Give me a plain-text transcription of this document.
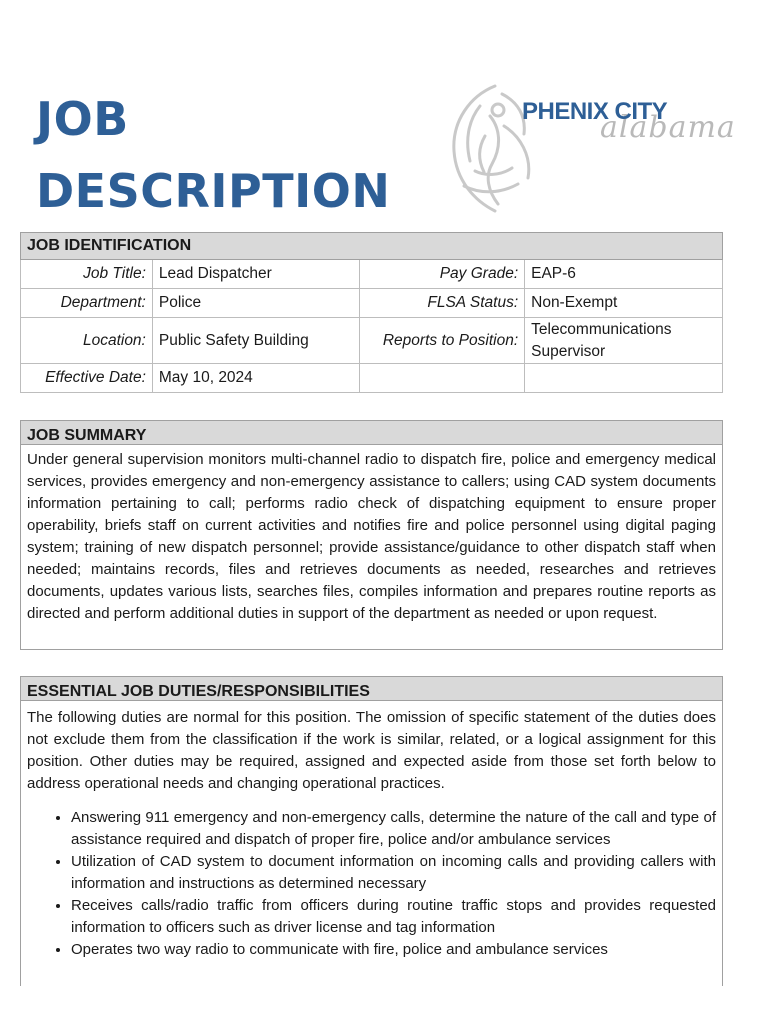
JOB
DESCRIPTION
alabama
PHENIX CITY
JOB IDENTIFICATION			
Job Title:	Lead Dispatcher	Pay Grade:	EAP-6
Department:	Police	FLSA Status:	Non-Exempt
Location:	Public Safety Building	Reports to Position:	Telecommunications Supervisor
Effective Date:	May 10, 2024		
JOB SUMMARY
Under general supervision monitors multi-channel radio to dispatch fire, police and emergency medical services, provides emergency and non-emergency assistance to callers; using CAD system documents information pertaining to call; performs radio check of dispatching equipment to ensure proper operability, briefs staff on current activities and notifies fire and police personnel using digital paging system; training of new dispatch personnel; provide assistance/guidance to other dispatch staff when needed; maintains records, files and retrieves documents as needed, researches and retrieves documents, updates various lists, searches files, compiles information and prepares routine reports as directed and perform additional duties in support of the department as needed or upon request.
ESSENTIAL JOB DUTIES/RESPONSIBILITIES
The following duties are normal for this position. The omission of specific statement of the duties does not exclude them from the classification if the work is similar, related, or a logical assignment for this position. Other duties may be required, assigned and expected aside from those set forth below to address operational needs and changing operational practices.
• Answering 911 emergency and non-emergency calls, determine the nature of the call and type of assistance required and dispatch of proper fire, police and/or ambulance services
• Utilization of CAD system to document information on incoming calls and providing callers with information and instructions as determined necessary
• Receives calls/radio traffic from officers during routine traffic stops and provides requested information to officers such as driver license and tag information
• Operates two way radio to communicate with fire, police and ambulance services
